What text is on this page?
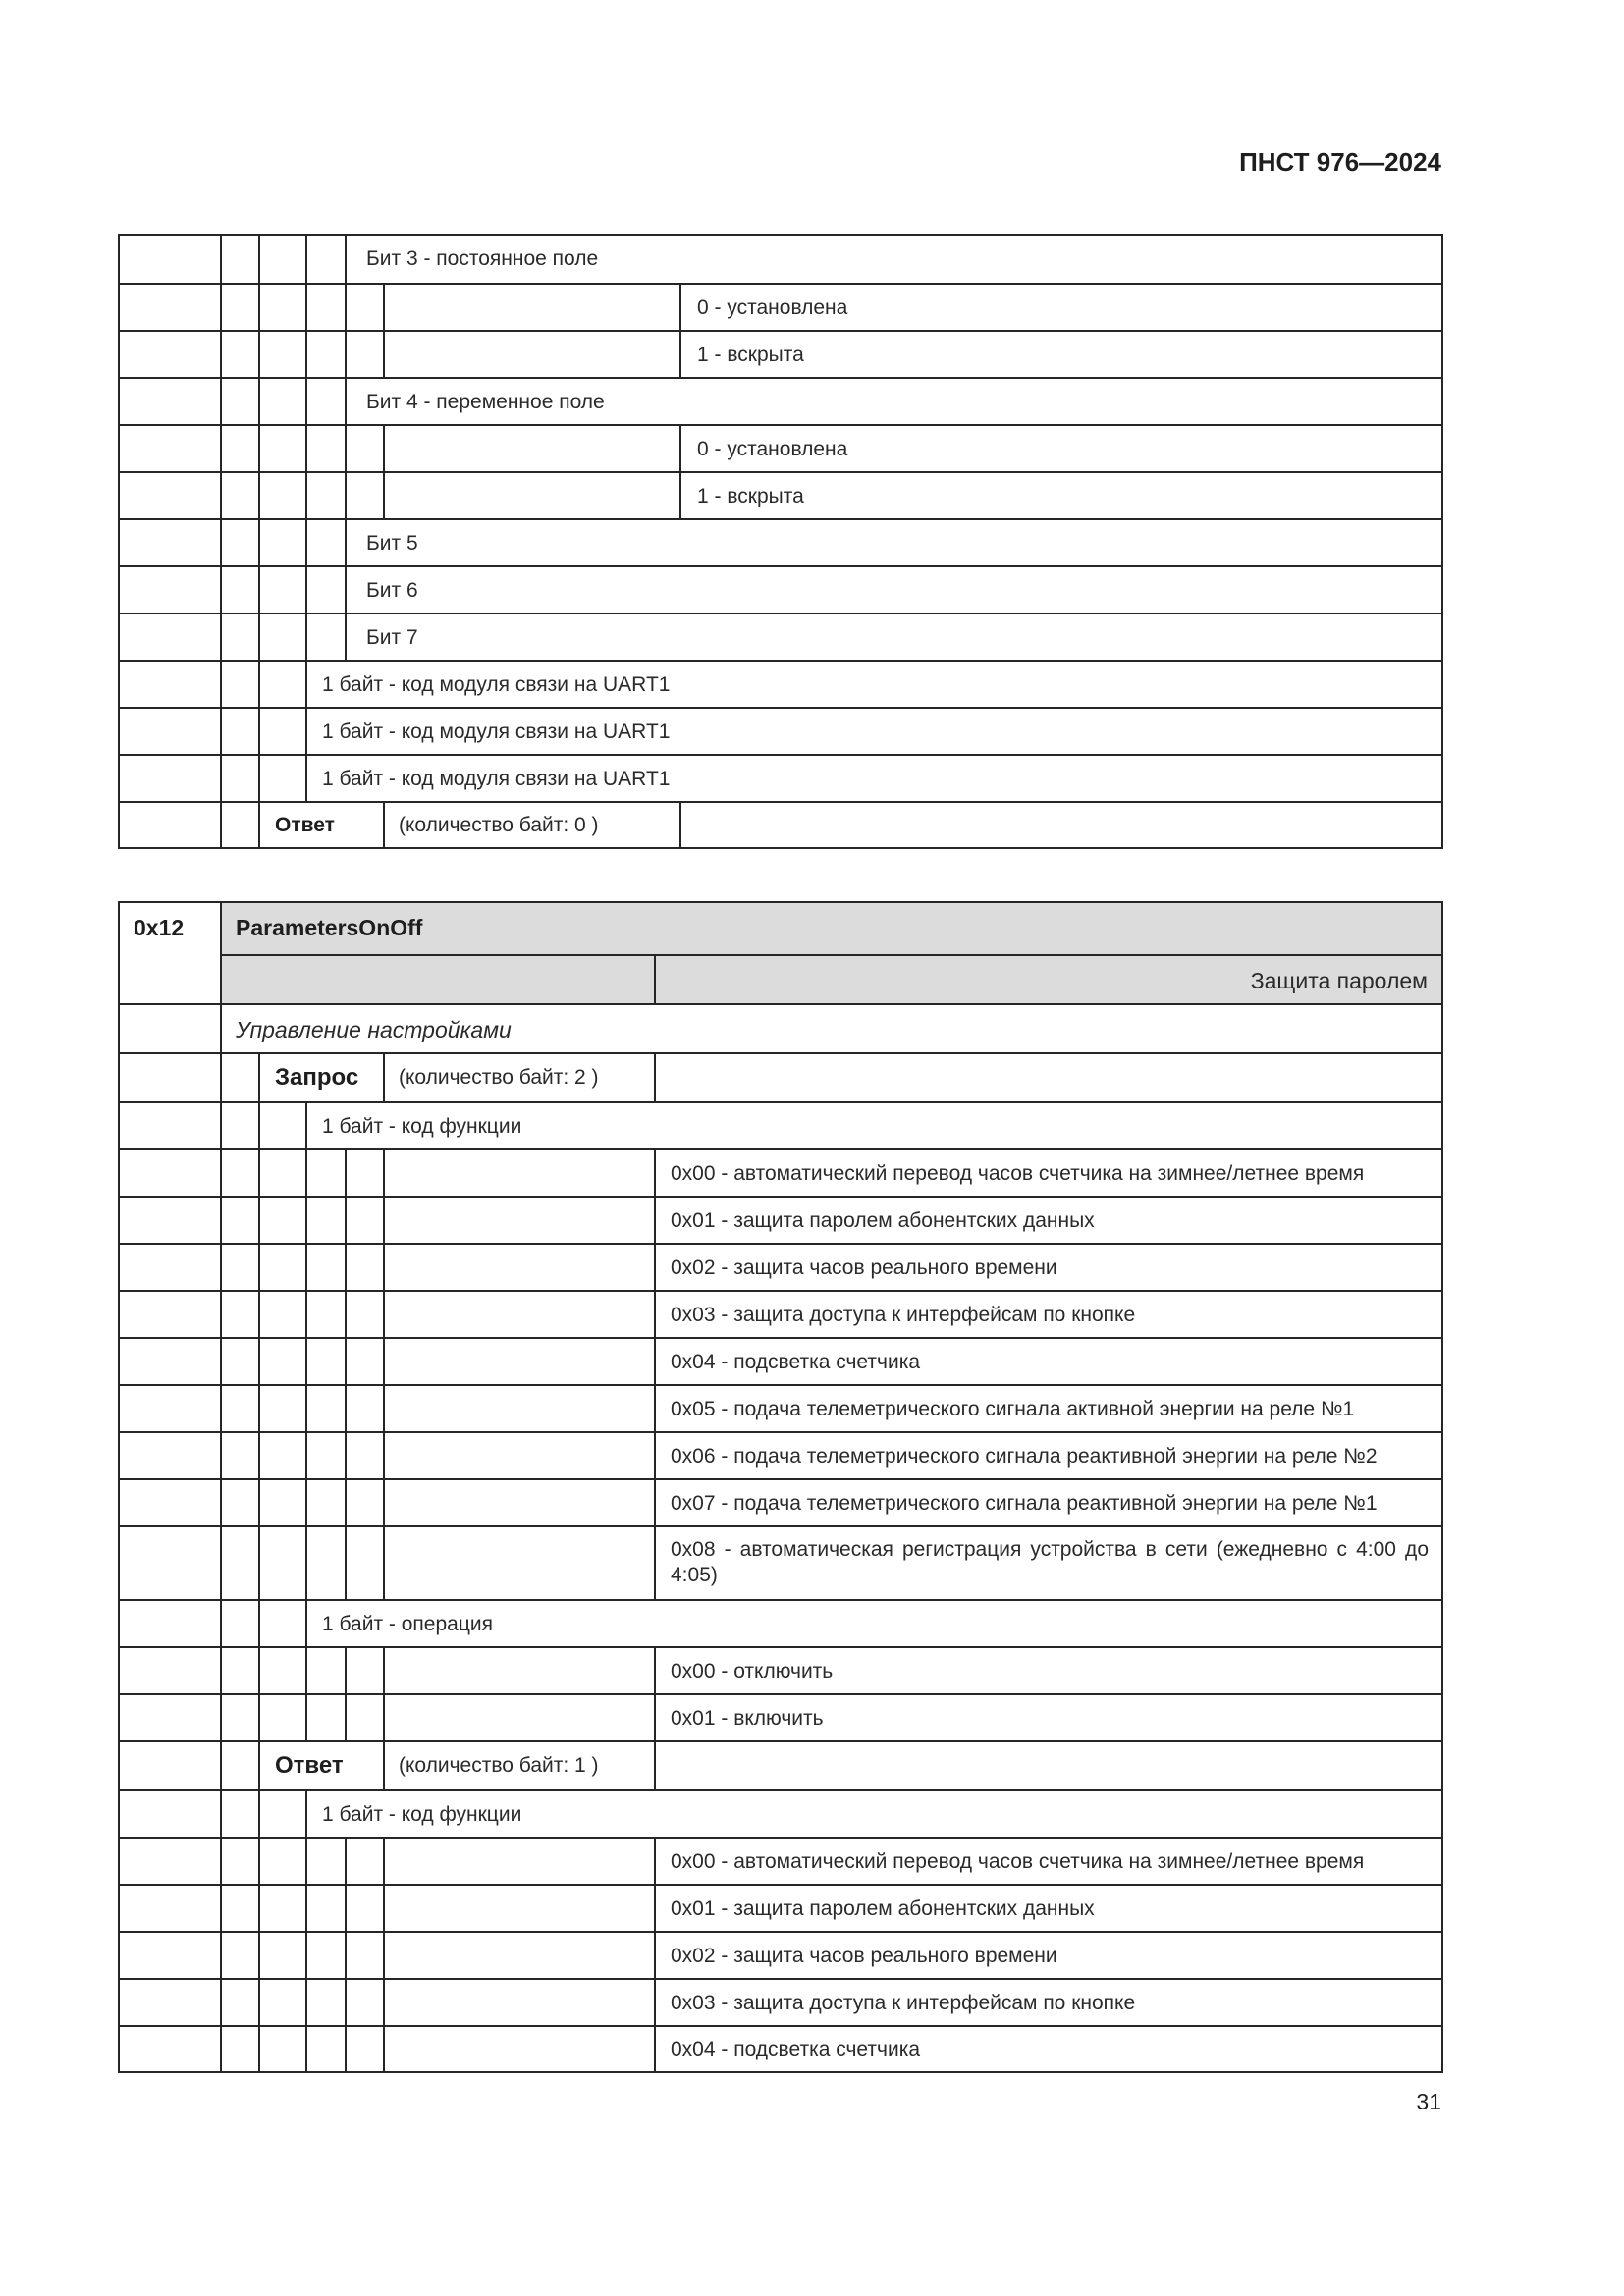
ПНСТ 976—2024
Бит 3 - постоянное поле
0 - установлена
1 - вскрыта
Бит 4 - переменное поле
0 - установлена
1 - вскрыта
Бит 5
Бит 6
Бит 7
1 байт - код модуля связи на UART1
1 байт - код модуля связи на UART1
1 байт - код модуля связи на UART1
Ответ	(количество байт: 0 )
0x12 ParametersOnOff
Защита паролем
Управление настройками
Запрос (количество байт: 2 )
1 байт - код функции
0x00 - автоматический перевод часов счетчика на зимнее/летнее время
0x01 - защита паролем абонентских данных
0x02 - защита часов реального времени
0x03 - защита доступа к интерфейсам по кнопке
0x04 - подсветка счетчика
0x05 - подача телеметрического сигнала активной энергии на реле №1
0x06 - подача телеметрического сигнала реактивной энергии на реле №2
0x07 - подача телеметрического сигнала реактивной энергии на реле №1
0x08 - автоматическая регистрация устройства в сети (ежедневно с 4:00 до 4:05)
1 байт - операция
0x00 - отключить
0x01 - включить
Ответ	(количество байт: 1 )
1 байт - код функции
0x00 - автоматический перевод часов счетчика на зимнее/летнее время
0x01 - защита паролем абонентских данных
0x02 - защита часов реального времени
0x03 - защита доступа к интерфейсам по кнопке
0x04 - подсветка счетчика
31
